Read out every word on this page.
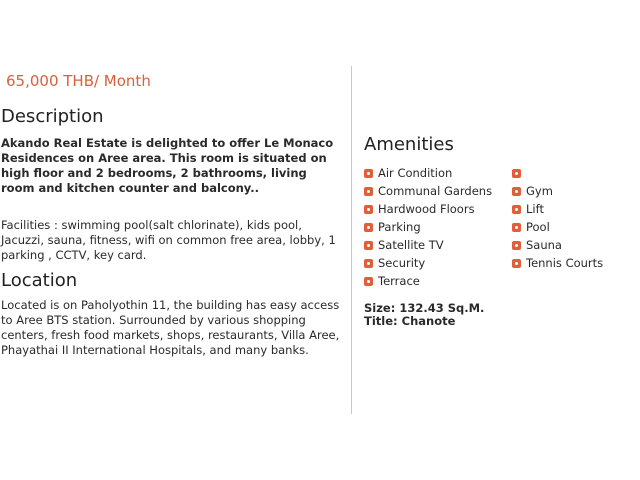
65,000 THB/ Month
Description
Akando Real Estate is delighted to offer Le Monaco Residences on Aree area. This room is situated on high floor and 2 bedrooms, 2 bathrooms, living room and kitchen counter and balcony..
Facilities : swimming pool(salt chlorinate), kids pool, Jacuzzi, sauna, fitness, wifi on common free area, lobby, 1 parking , CCTV, key card.
Location
Located is on Paholyothin 11, the building has easy access to Aree BTS station. Surrounded by various shopping centers, fresh food markets, shops, restaurants, Villa Aree, Phayathai II International Hospitals, and many banks.
Amenities
Air Condition
Communal Gardens
Hardwood Floors
Parking
Satellite TV
Security
Terrace
Gym
Lift
Pool
Sauna
Tennis Courts
Size: 132.43 Sq.M.
Title: Chanote
